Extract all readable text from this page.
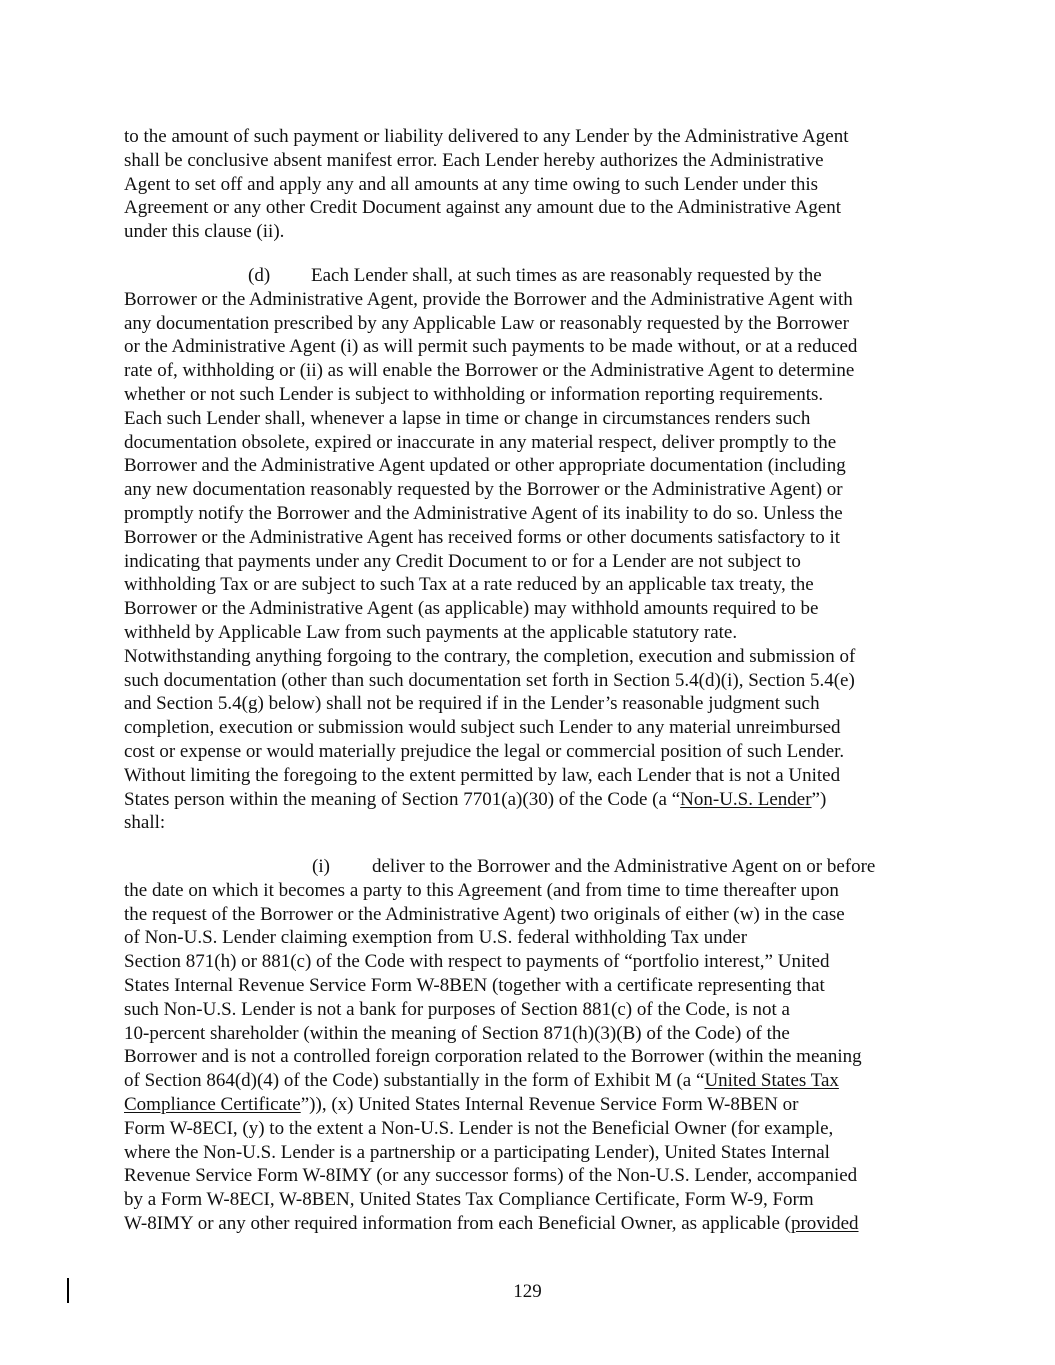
to the amount of such payment or liability delivered to any Lender by the Administrative Agent
shall be conclusive absent manifest error. Each Lender hereby authorizes the Administrative
Agent to set off and apply any and all amounts at any time owing to such Lender under this
Agreement or any other Credit Document against any amount due to the Administrative Agent
under this clause (ii).
(d) Each Lender shall, at such times as are reasonably requested by the
Borrower or the Administrative Agent, provide the Borrower and the Administrative Agent with
any documentation prescribed by any Applicable Law or reasonably requested by the Borrower
or the Administrative Agent (i) as will permit such payments to be made without, or at a reduced
rate of, withholding or (ii) as will enable the Borrower or the Administrative Agent to determine
whether or not such Lender is subject to withholding or information reporting requirements.
Each such Lender shall, whenever a lapse in time or change in circumstances renders such
documentation obsolete, expired or inaccurate in any material respect, deliver promptly to the
Borrower and the Administrative Agent updated or other appropriate documentation (including
any new documentation reasonably requested by the Borrower or the Administrative Agent) or
promptly notify the Borrower and the Administrative Agent of its inability to do so. Unless the
Borrower or the Administrative Agent has received forms or other documents satisfactory to it
indicating that payments under any Credit Document to or for a Lender are not subject to
withholding Tax or are subject to such Tax at a rate reduced by an applicable tax treaty, the
Borrower or the Administrative Agent (as applicable) may withhold amounts required to be
withheld by Applicable Law from such payments at the applicable statutory rate.
Notwithstanding anything forgoing to the contrary, the completion, execution and submission of
such documentation (other than such documentation set forth in Section 5.4(d)(i), Section 5.4(e)
and Section 5.4(g) below) shall not be required if in the Lender’s reasonable judgment such
completion, execution or submission would subject such Lender to any material unreimbursed
cost or expense or would materially prejudice the legal or commercial position of such Lender.
Without limiting the foregoing to the extent permitted by law, each Lender that is not a United
States person within the meaning of Section 7701(a)(30) of the Code (a “Non-U.S. Lender”)
shall:
(i) deliver to the Borrower and the Administrative Agent on or before
the date on which it becomes a party to this Agreement (and from time to time thereafter upon
the request of the Borrower or the Administrative Agent) two originals of either (w) in the case
of Non-U.S. Lender claiming exemption from U.S. federal withholding Tax under
Section 871(h) or 881(c) of the Code with respect to payments of “portfolio interest,” United
States Internal Revenue Service Form W-8BEN (together with a certificate representing that
such Non-U.S. Lender is not a bank for purposes of Section 881(c) of the Code, is not a
10-percent shareholder (within the meaning of Section 871(h)(3)(B) of the Code) of the
Borrower and is not a controlled foreign corporation related to the Borrower (within the meaning
of Section 864(d)(4) of the Code) substantially in the form of Exhibit M (a “United States Tax
Compliance Certificate”)), (x) United States Internal Revenue Service Form W-8BEN or
Form W-8ECI, (y) to the extent a Non-U.S. Lender is not the Beneficial Owner (for example,
where the Non-U.S. Lender is a partnership or a participating Lender), United States Internal
Revenue Service Form W-8IMY (or any successor forms) of the Non-U.S. Lender, accompanied
by a Form W-8ECI, W-8BEN, United States Tax Compliance Certificate, Form W-9, Form
W-8IMY or any other required information from each Beneficial Owner, as applicable (provided
129
